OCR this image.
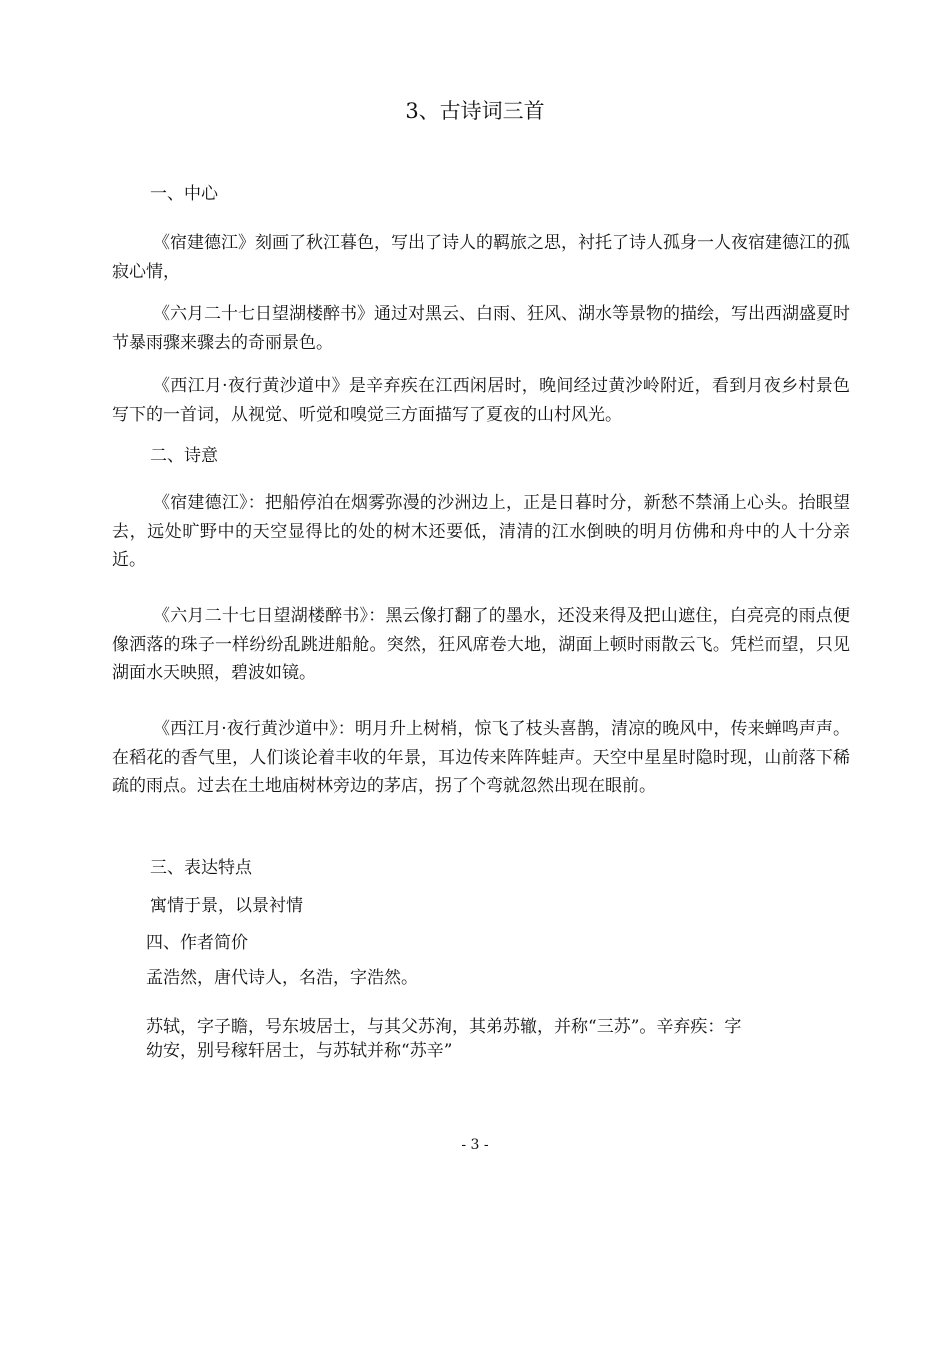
3、古诗词三首
一、中心

《宿建德江》刻画了秋江暮色，写出了诗人的羁旅之思，衬托了诗人孤身一人夜宿建德江的孤寂心情，

《六月二十七日望湖楼醉书》通过对黑云、白雨、狂风、湖水等景物的描绘，写出西湖盛夏时节暴雨骤来骤去的奇丽景色。

《西江月·夜行黄沙道中》是辛弃疾在江西闲居时，晚间经过黄沙岭附近，看到月夜乡村景色写下的一首词，从视觉、听觉和嗅觉三方面描写了夏夜的山村风光。

二、诗意

《宿建德江》：把船停泊在烟雾弥漫的沙洲边上，正是日暮时分，新愁不禁涌上心头。抬眼望去，远处旷野中的天空显得比的处的树木还要低，清清的江水倒映的明月仿佛和舟中的人十分亲近。

《六月二十七日望湖楼醉书》：黑云像打翻了的墨水，还没来得及把山遮住，白亮亮的雨点便像洒落的珠子一样纷纷乱跳进船舱。突然，狂风席卷大地，湖面上顿时雨散云飞。凭栏而望，只见湖面水天映照，碧波如镜。

《西江月·夜行黄沙道中》：明月升上树梢，惊飞了枝头喜鹊，清凉的晚风中，传来蝉鸣声声。在稻花的香气里，人们谈论着丰收的年景，耳边传来阵阵蛙声。天空中星星时隐时现，山前落下稀疏的雨点。过去在土地庙树林旁边的茅店，拐了个弯就忽然出现在眼前。

三、表达特点

寓情于景，以景衬情

四、作者简价

孟浩然，唐代诗人，名浩，字浩然。

苏轼，字子瞻，号东坡居士，与其父苏洵，其弟苏辙，并称“三苏”。辛弃疾：字幼安，别号稼轩居士，与苏轼并称“苏辛”

- 3 -
